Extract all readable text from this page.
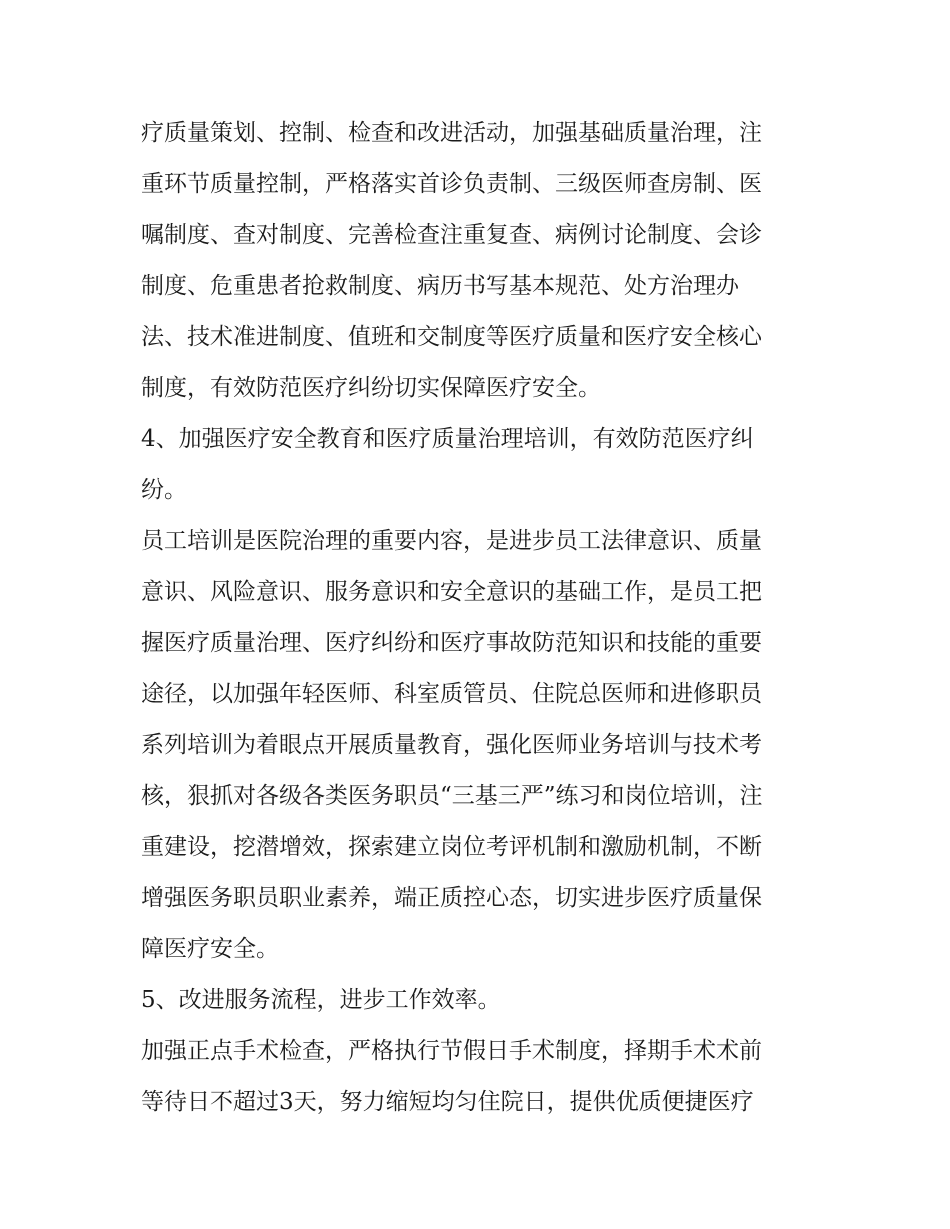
疗质量策划、控制、检查和改进活动，加强基础质量治理，注
重环节质量控制，严格落实首诊负责制、三级医师查房制、医
嘱制度、查对制度、完善检查注重复查、病例讨论制度、会诊
制度、危重患者抢救制度、病历书写基本规范、处方治理办
法、技术准进制度、值班和交制度等医疗质量和医疗安全核心
制度，有效防范医疗纠纷切实保障医疗安全。
4、加强医疗安全教育和医疗质量治理培训，有效防范医疗纠
纷。
员工培训是医院治理的重要内容，是进步员工法律意识、质量
意识、风险意识、服务意识和安全意识的基础工作，是员工把
握医疗质量治理、医疗纠纷和医疗事故防范知识和技能的重要
途径，以加强年轻医师、科室质管员、住院总医师和进修职员
系列培训为着眼点开展质量教育，强化医师业务培训与技术考
核，狠抓对各级各类医务职员“三基三严”练习和岗位培训，注
重建设，挖潜增效，探索建立岗位考评机制和激励机制，不断
增强医务职员职业素养，端正质控心态，切实进步医疗质量保
障医疗安全。
5、改进服务流程，进步工作效率。
加强正点手术检查，严格执行节假日手术制度，择期手术术前
等待日不超过3天，努力缩短均匀住院日，提供优质便捷医疗
